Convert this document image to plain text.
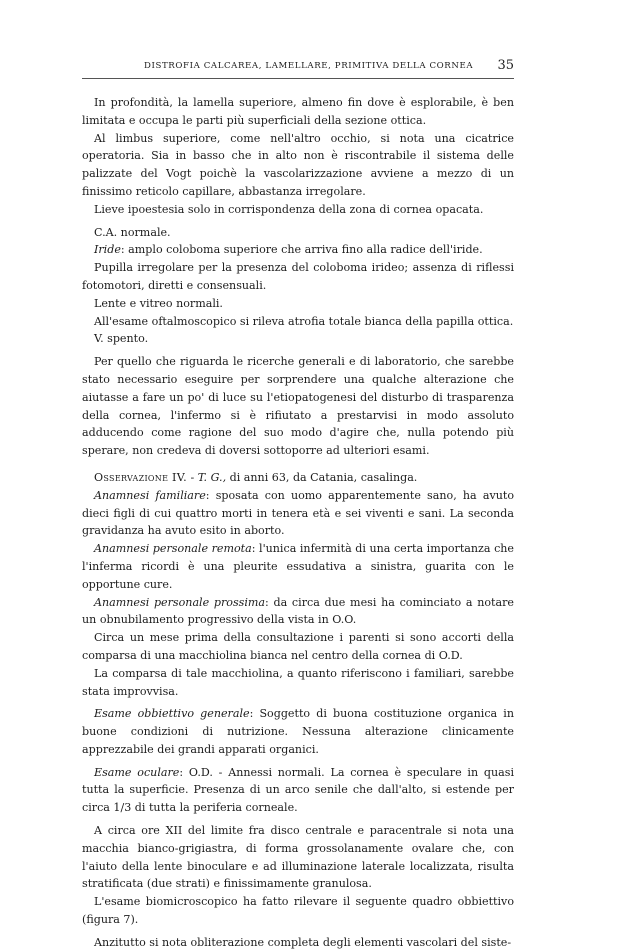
DISTROFIA CALCAREA, LAMELLARE, PRIMITIVA DELLA CORNEA 35

In profondità, la lamella superiore, almeno fin dove è esplorabile, è ben limitata e occupa le parti più superficiali della sezione ottica.

Al limbus superiore, come nell'altro occhio, si nota una cicatrice operatoria. Sia in basso che in alto non è riscontrabile il sistema delle palizzate del Vogt poichè la vascolarizzazione avviene a mezzo di un finissimo reticolo capillare, abbastanza irregolare.

Lieve ipoestesia solo in corrispondenza della zona di cornea opacata.

C.A. normale.

Iride: amplo coloboma superiore che arriva fino alla radice dell'iride.

Pupilla irregolare per la presenza del coloboma irideo; assenza di riflessi fotomotori, diretti e consensuali.

Lente e vitreo normali.

All'esame oftalmoscopico si rileva atrofia totale bianca della papilla ottica.

V. spento.

Per quello che riguarda le ricerche generali e di laboratorio, che sarebbe stato necessario eseguire per sorprendere una qualche alterazione che aiutasse a fare un po' di luce su l'etiopatogenesi del disturbo di trasparenza della cornea, l'infermo si è rifiutato a prestarvisi in modo assoluto adducendo come ragione del suo modo d'agire che, nulla potendo più sperare, non credeva di doversi sottoporre ad ulteriori esami.

Osservazione IV. - T. G., di anni 63, da Catania, casalinga.

Anamnesi familiare: sposata con uomo apparentemente sano, ha avuto dieci figli di cui quattro morti in tenera età e sei viventi e sani. La seconda gravidanza ha avuto esito in aborto.

Anamnesi personale remota: l'unica infermità di una certa importanza che l'inferma ricordi è una pleurite essudativa a sinistra, guarita con le opportune cure.

Anamnesi personale prossima: da circa due mesi ha cominciato a notare un obnubilamento progressivo della vista in O.O.

Circa un mese prima della consultazione i parenti si sono accorti della comparsa di una macchiolina bianca nel centro della cornea di O.D.

La comparsa di tale macchiolina, a quanto riferiscono i familiari, sarebbe stata improvvisa.

Esame obbiettivo generale: Soggetto di buona costituzione organica in buone condizioni di nutrizione. Nessuna alterazione clinicamente apprezzabile dei grandi apparati organici.

Esame oculare: O.D. - Annessi normali. La cornea è speculare in quasi tutta la superficie. Presenza di un arco senile che dall'alto, si estende per circa 1/3 di tutta la periferia corneale.

A circa ore XII del limite fra disco centrale e paracentrale si nota una macchia bianco-grigiastra, di forma grossolanamente ovalare che, con l'aiuto della lente binoculare e ad illuminazione laterale localizzata, risulta stratificata (due strati) e finissimamente granulosa.

L'esame biomicroscopico ha fatto rilevare il seguente quadro obbiettivo (figura 7).

Anzitutto si nota obliterazione completa degli elementi vascolari del siste-
